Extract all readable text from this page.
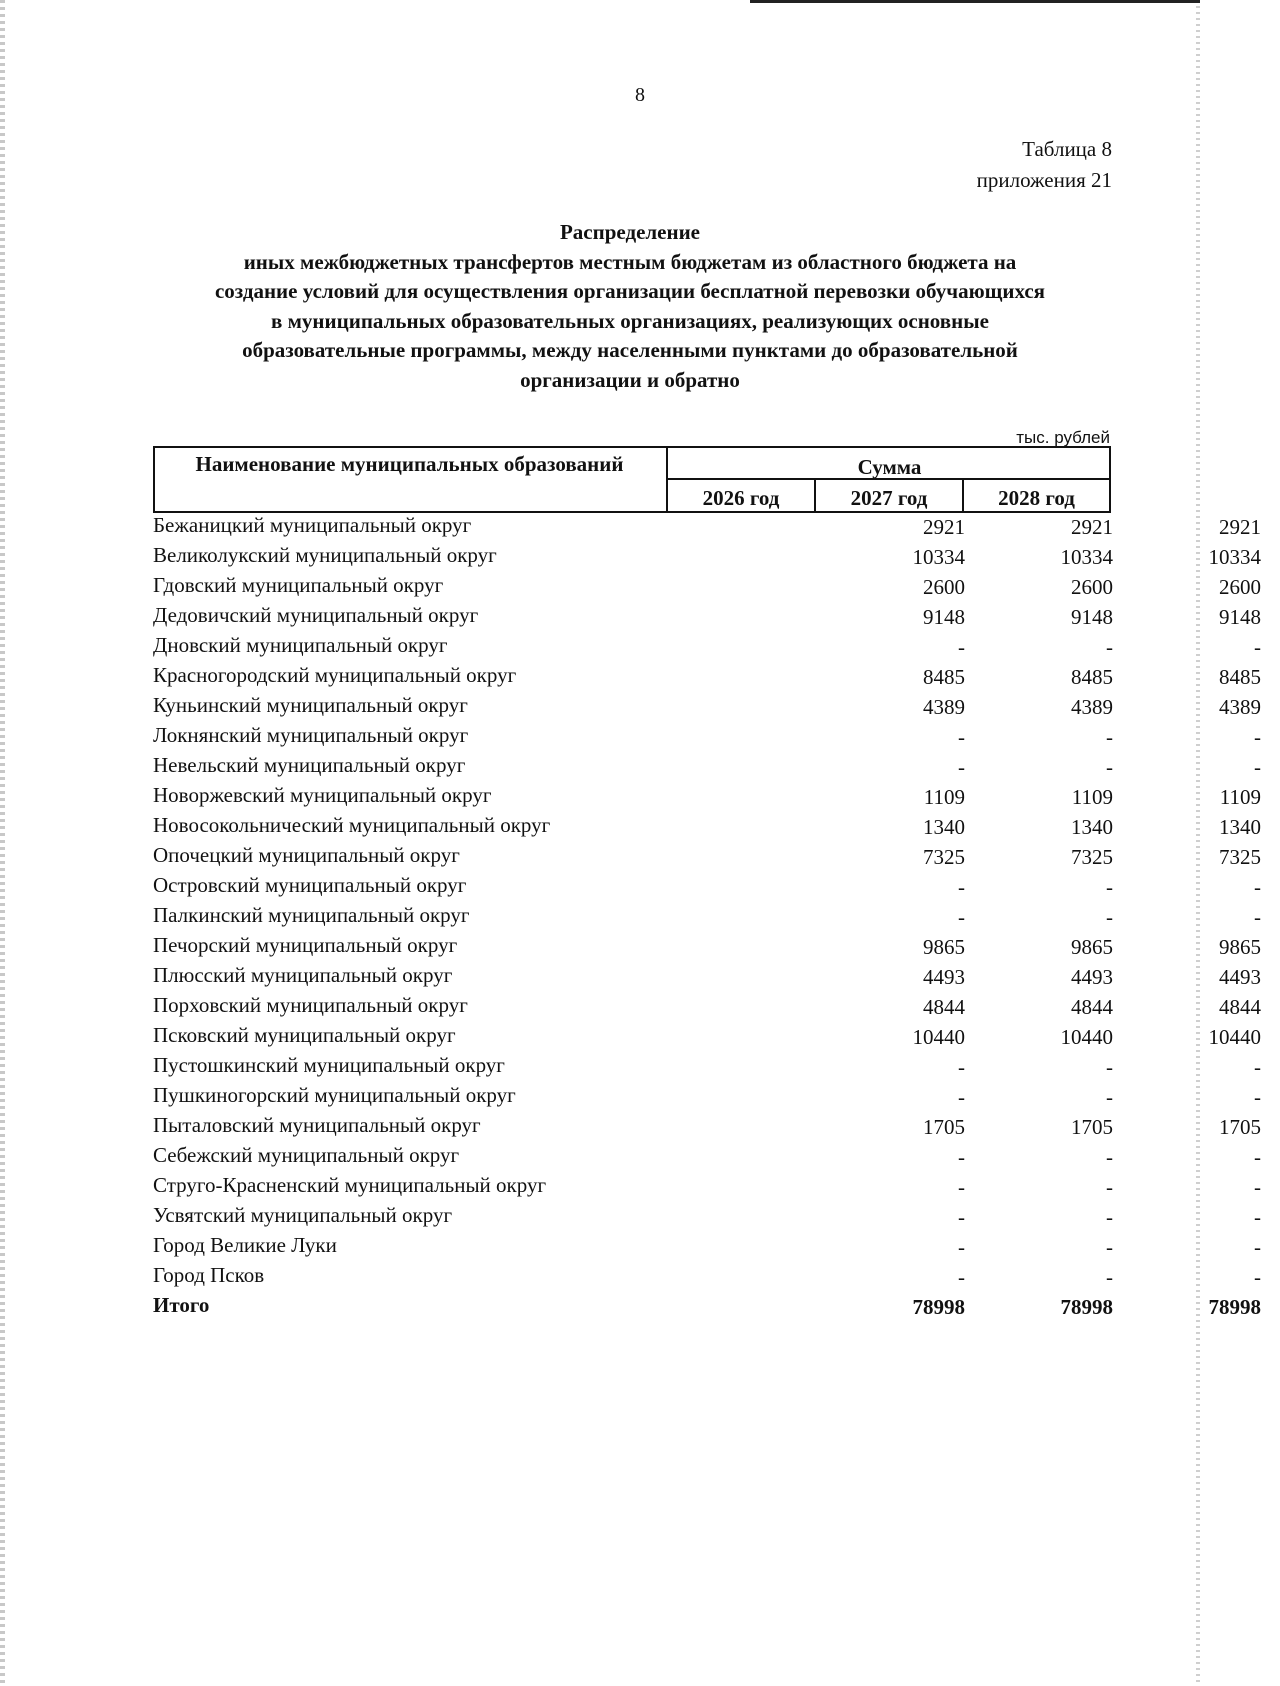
8
Таблица 8
приложения 21
Распределение
иных межбюджетных трансфертов местным бюджетам из областного бюджета на
создание условий для осуществления организации бесплатной перевозки обучающихся
в муниципальных образовательных организациях, реализующих основные
образовательные программы, между населенными пунктами до образовательной
организации и обратно
тыс. рублей
Наименование муниципальных образований	Сумма
2026 год	2027 год	2028 год
Бежаницкий муниципальный округ	2921	2921	2921
Великолукский муниципальный округ	10334	10334	10334
Гдовский муниципальный округ	2600	2600	2600
Дедовичский муниципальный округ	9148	9148	9148
Дновский муниципальный округ	-	-	-
Красногородский муниципальный округ	8485	8485	8485
Куньинский муниципальный округ	4389	4389	4389
Локнянский муниципальный округ	-	-	-
Невельский муниципальный округ	-	-	-
Новоржевский муниципальный округ	1109	1109	1109
Новосокольнический муниципальный округ	1340	1340	1340
Опочецкий муниципальный округ	7325	7325	7325
Островский муниципальный округ	-	-	-
Палкинский муниципальный округ	-	-	-
Печорский муниципальный округ	9865	9865	9865
Плюсский муниципальный округ	4493	4493	4493
Порховский муниципальный округ	4844	4844	4844
Псковский муниципальный округ	10440	10440	10440
Пустошкинский муниципальный округ	-	-	-
Пушкиногорский муниципальный округ	-	-	-
Пыталовский муниципальный округ	1705	1705	1705
Себежский муниципальный округ	-	-	-
Струго-Красненский муниципальный округ	-	-	-
Усвятский муниципальный округ	-	-	-
Город Великие Луки	-	-	-
Город Псков	-	-	-
Итого	78998	78998	78998
